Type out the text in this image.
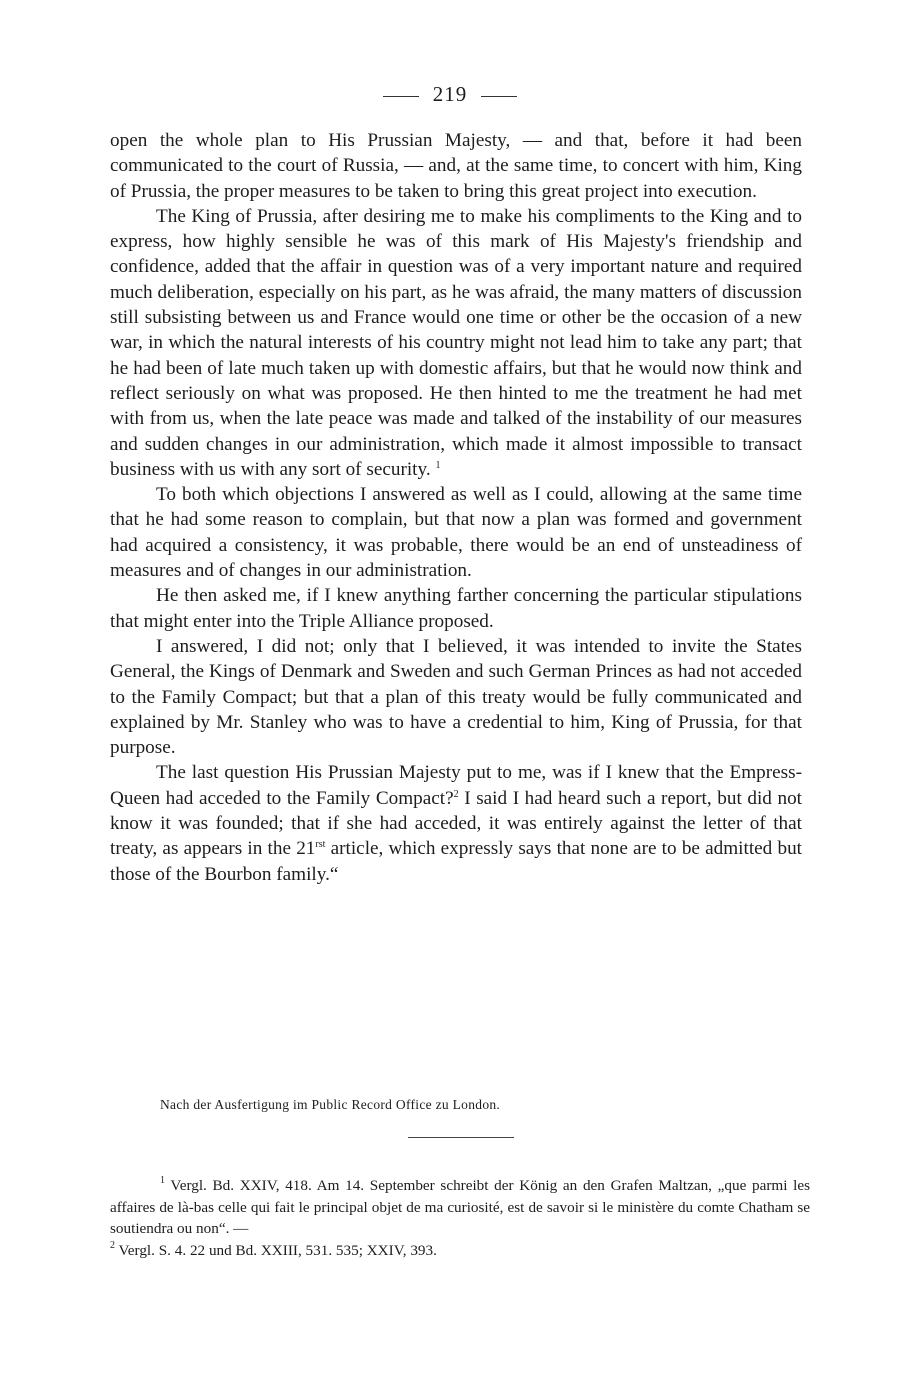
219

open the whole plan to His Prussian Majesty, — and that, before it had been communicated to the court of Russia, — and, at the same time, to concert with him, King of Prussia, the proper measures to be taken to bring this great project into execution.

The King of Prussia, after desiring me to make his compliments to the King and to express, how highly sensible he was of this mark of His Majesty's friendship and confidence, added that the affair in question was of a very important nature and required much deliberation, especially on his part, as he was afraid, the many matters of discussion still subsisting between us and France would one time or other be the occasion of a new war, in which the natural interests of his country might not lead him to take any part; that he had been of late much taken up with domestic affairs, but that he would now think and reflect seriously on what was proposed. He then hinted to me the treatment he had met with from us, when the late peace was made and talked of the instability of our measures and sudden changes in our administration, which made it almost impossible to transact business with us with any sort of security. $^1$

To both which objections I answered as well as I could, allowing at the same time that he had some reason to complain, but that now a plan was formed and government had acquired a consistency, it was probable, there would be an end of unsteadiness of measures and of changes in our administration.

He then asked me, if I knew anything farther concerning the particular stipulations that might enter into the Triple Alliance proposed.

I answered, I did not; only that I believed, it was intended to invite the States General, the Kings of Denmark and Sweden and such German Princes as had not acceded to the Family Compact; but that a plan of this treaty would be fully communicated and explained by Mr. Stanley who was to have a credential to him, King of Prussia, for that purpose.

The last question His Prussian Majesty put to me, was if I knew that the Empress-Queen had acceded to the Family Compact?$^2$ I said I had heard such a report, but did not know it was founded; that if she had acceded, it was entirely against the letter of that treaty, as appears in the $21^{rst}$ article, which expressly says that none are to be admitted but those of the Bourbon family.“

Nach der Ausfertigung im Public Record Office zu London.

$^1$ Vergl. Bd. XXIV, 418. Am 14. September schreibt der König an den Grafen Maltzan, „que parmi les affaires de là-bas celle qui fait le principal objet de ma curiosité, est de savoir si le ministère du comte Chatham se soutiendra ou non“. —
$^2$ Vergl. S. 4. 22 und Bd. XXIII, 531. 535; XXIV, 393.
